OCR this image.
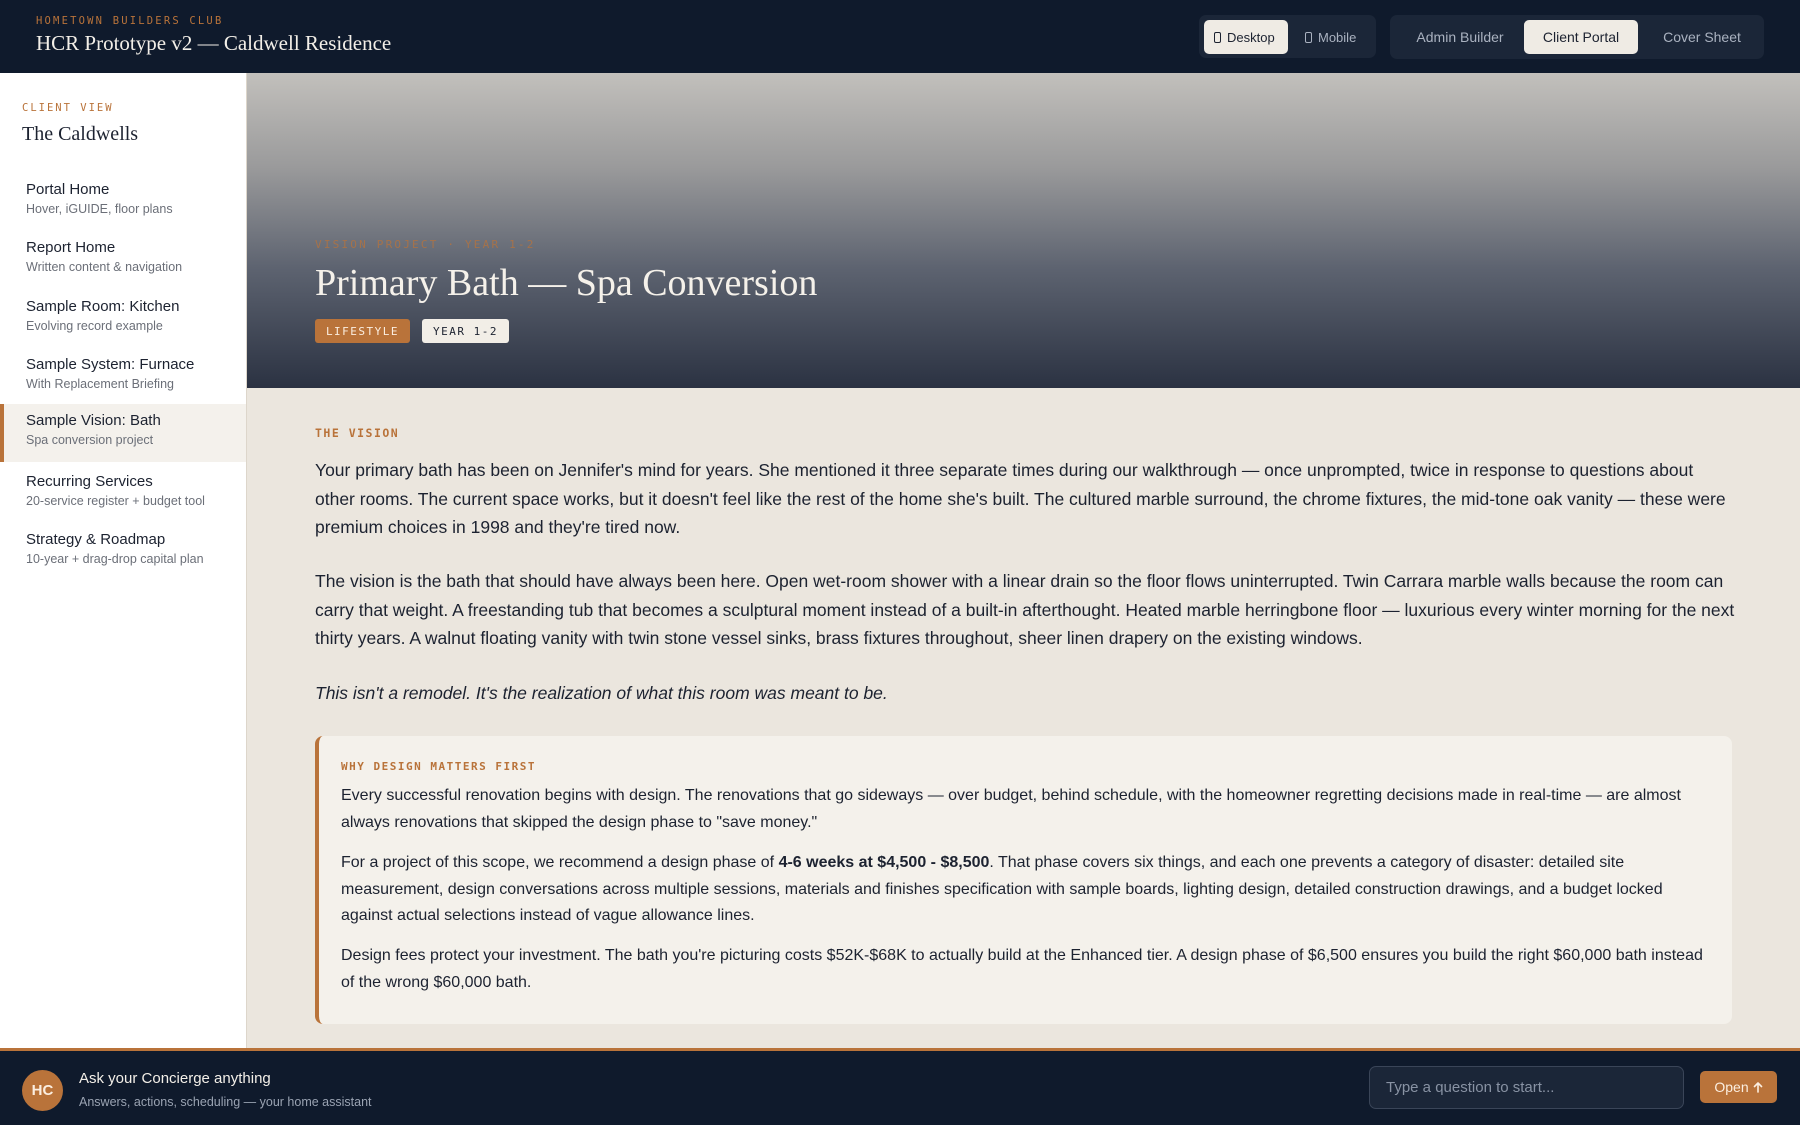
HOMETOWN BUILDERS CLUB
HCR Prototype v2 — Caldwell Residence	Desktop	Mobile	Admin Builder	Client Portal	Cover Sheet
CLIENT VIEW
The Caldwells
Portal Home
Hover, iGUIDE, floor plans
Report Home
Written content & navigation
Sample Room: Kitchen
Evolving record example
Sample System: Furnace
With Replacement Briefing
Sample Vision: Bath
Spa conversion project
Recurring Services
20-service register + budget tool
Strategy & Roadmap
10-year + drag-drop capital plan
VISION PROJECT · YEAR 1-2
Primary Bath — Spa Conversion
LIFESTYLE	YEAR 1-2
THE VISION

Your primary bath has been on Jennifer's mind for years. She mentioned it three separate times during our walkthrough — once unprompted, twice in response to questions about other rooms. The current space works, but it doesn't feel like the rest of the home she's built. The cultured marble surround, the chrome fixtures, the mid-tone oak vanity — these were premium choices in 1998 and they're tired now.

The vision is the bath that should have always been here. Open wet-room shower with a linear drain so the floor flows uninterrupted. Twin Carrara marble walls because the room can carry that weight. A freestanding tub that becomes a sculptural moment instead of a built-in afterthought. Heated marble herringbone floor — luxurious every winter morning for the next thirty years. A walnut floating vanity with twin stone vessel sinks, brass fixtures throughout, sheer linen drapery on the existing windows.

This isn't a remodel. It's the realization of what this room was meant to be.

WHY DESIGN MATTERS FIRST

Every successful renovation begins with design. The renovations that go sideways — over budget, behind schedule, with the homeowner regretting decisions made in real-time — are almost always renovations that skipped the design phase to "save money."

For a project of this scope, we recommend a design phase of 4-6 weeks at $4,500 - $8,500. That phase covers six things, and each one prevents a category of disaster: detailed site measurement, design conversations across multiple sessions, materials and finishes specification with sample boards, lighting design, detailed construction drawings, and a budget locked against actual selections instead of vague allowance lines.

Design fees protect your investment. The bath you're picturing costs $52K-$68K to actually build at the Enhanced tier. A design phase of $6,500 ensures you build the right $60,000 bath instead of the wrong $60,000 bath.

HC
Ask your Concierge anything
Answers, actions, scheduling — your home assistant
Type a question to start...
Open
